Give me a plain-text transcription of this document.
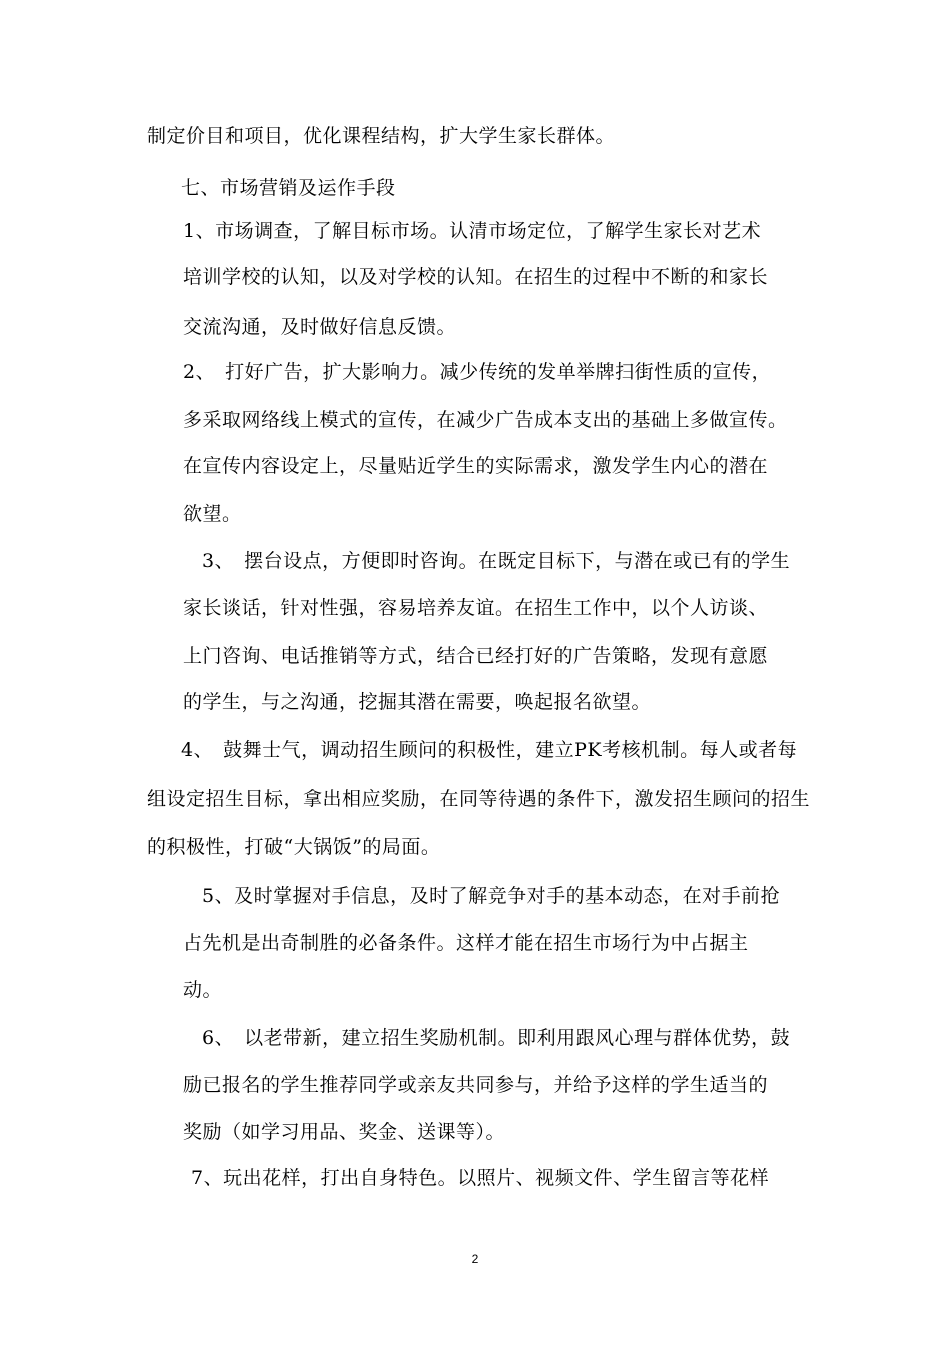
制定价目和项目，优化课程结构，扩大学生家长群体。
七、市场营销及运作手段
1、市场调查，了解目标市场。认清市场定位，了解学生家长对艺术
培训学校的认知，以及对学校的认知。在招生的过程中不断的和家长
交流沟通，及时做好信息反馈。
2、　打好广告，扩大影响力。减少传统的发单举牌扫街性质的宣传，
多采取网络线上模式的宣传，在减少广告成本支出的基础上多做宣传。
在宣传内容设定上，尽量贴近学生的实际需求，激发学生内心的潜在
欲望。
3、　摆台设点，方便即时咨询。在既定目标下，与潜在或已有的学生
家长谈话，针对性强，容易培养友谊。在招生工作中，以个人访谈、
上门咨询、电话推销等方式，结合已经打好的广告策略，发现有意愿
的学生，与之沟通，挖掘其潜在需要，唤起报名欲望。
4、　鼓舞士气，调动招生顾问的积极性，建立PK考核机制。每人或者每
组设定招生目标，拿出相应奖励，在同等待遇的条件下，激发招生顾问的招生
的积极性，打破“大锅饭”的局面。
5、及时掌握对手信息，及时了解竞争对手的基本动态，在对手前抢
占先机是出奇制胜的必备条件。这样才能在招生市场行为中占据主
动。
6、　以老带新，建立招生奖励机制。即利用跟风心理与群体优势，鼓
励已报名的学生推荐同学或亲友共同参与，并给予这样的学生适当的
奖励（如学习用品、奖金、送课等）。
7、玩出花样，打出自身特色。以照片、视频文件、学生留言等花样
2
